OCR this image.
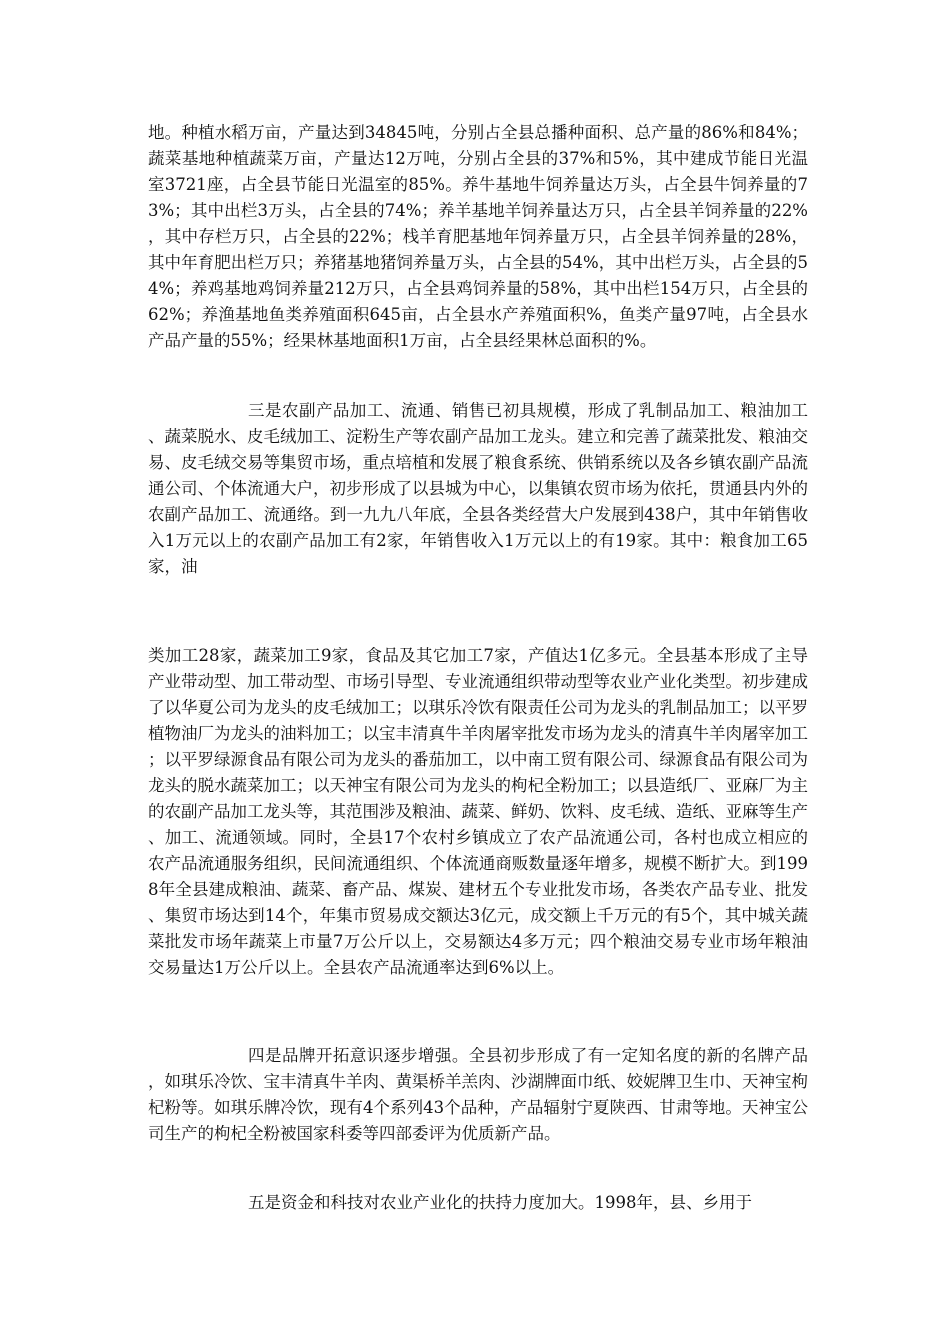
地。种植水稻万亩，产量达到34845吨，分别占全县总播种面积、总产量的86%和84%；蔬菜基地种植蔬菜万亩，产量达12万吨，分别占全县的37%和5%，其中建成节能日光温室3721座，占全县节能日光温室的85%。养牛基地牛饲养量达万头，占全县牛饲养量的73%；其中出栏3万头，占全县的74%；养羊基地羊饲养量达万只，占全县羊饲养量的22%，其中存栏万只，占全县的22%；栈羊育肥基地年饲养量万只，占全县羊饲养量的28%，其中年育肥出栏万只；养猪基地猪饲养量万头，占全县的54%，其中出栏万头，占全县的54%；养鸡基地鸡饲养量212万只，占全县鸡饲养量的58%，其中出栏154万只，占全县的62%；养渔基地鱼类养殖面积645亩，占全县水产养殖面积%，鱼类产量97吨，占全县水产品产量的55%；经果林基地面积1万亩，占全县经果林总面积的%。

三是农副产品加工、流通、销售已初具规模，形成了乳制品加工、粮油加工、蔬菜脱水、皮毛绒加工、淀粉生产等农副产品加工龙头。建立和完善了蔬菜批发、粮油交易、皮毛绒交易等集贸市场，重点培植和发展了粮食系统、供销系统以及各乡镇农副产品流通公司、个体流通大户，初步形成了以县城为中心，以集镇农贸市场为依托，贯通县内外的农副产品加工、流通络。到一九九八年底，全县各类经营大户发展到438户，其中年销售收入1万元以上的农副产品加工有2家，年销售收入1万元以上的有19家。其中：粮食加工65家，油

类加工28家，蔬菜加工9家，食品及其它加工7家，产值达1亿多元。全县基本形成了主导产业带动型、加工带动型、市场引导型、专业流通组织带动型等农业产业化类型。初步建成了以华夏公司为龙头的皮毛绒加工；以琪乐冷饮有限责任公司为龙头的乳制品加工；以平罗植物油厂为龙头的油料加工；以宝丰清真牛羊肉屠宰批发市场为龙头的清真牛羊肉屠宰加工；以平罗绿源食品有限公司为龙头的番茄加工，以中南工贸有限公司、绿源食品有限公司为龙头的脱水蔬菜加工；以天神宝有限公司为龙头的枸杞全粉加工；以县造纸厂、亚麻厂为主的农副产品加工龙头等，其范围涉及粮油、蔬菜、鲜奶、饮料、皮毛绒、造纸、亚麻等生产、加工、流通领域。同时，全县17个农村乡镇成立了农产品流通公司，各村也成立相应的农产品流通服务组织，民间流通组织、个体流通商贩数量逐年增多，规模不断扩大。到1998年全县建成粮油、蔬菜、畜产品、煤炭、建材五个专业批发市场，各类农产品专业、批发、集贸市场达到14个，年集市贸易成交额达3亿元，成交额上千万元的有5个，其中城关蔬菜批发市场年蔬菜上市量7万公斤以上，交易额达4多万元；四个粮油交易专业市场年粮油交易量达1万公斤以上。全县农产品流通率达到6%以上。

四是品牌开拓意识逐步增强。全县初步形成了有一定知名度的新的名牌产品，如琪乐冷饮、宝丰清真牛羊肉、黄渠桥羊羔肉、沙湖牌面巾纸、姣妮牌卫生巾、天神宝枸杞粉等。如琪乐牌冷饮，现有4个系列43个品种，产品辐射宁夏陕西、甘肃等地。天神宝公司生产的枸杞全粉被国家科委等四部委评为优质新产品。

五是资金和科技对农业产业化的扶持力度加大。1998年，县、乡用于
